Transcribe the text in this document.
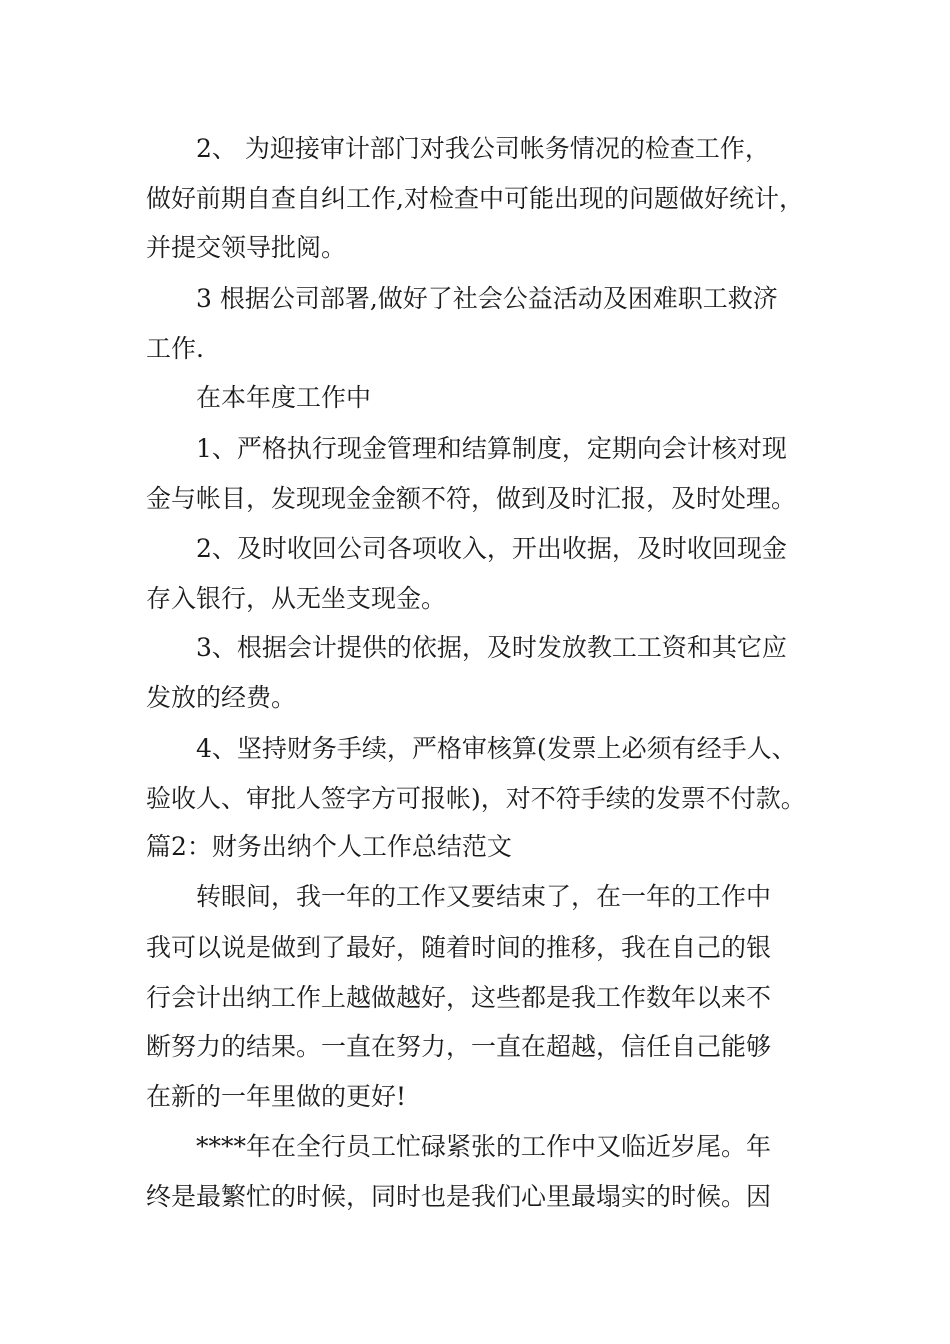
2、 为迎接审计部门对我公司帐务情况的检查工作，
做好前期自查自纠工作,对检查中可能出现的问题做好统计，
并提交领导批阅。
3 根据公司部署,做好了社会公益活动及困难职工救济
工作.
在本年度工作中
1、严格执行现金管理和结算制度，定期向会计核对现
金与帐目，发现现金金额不符，做到及时汇报，及时处理。
2、及时收回公司各项收入，开出收据，及时收回现金
存入银行，从无坐支现金。
3、根据会计提供的依据，及时发放教工工资和其它应
发放的经费。
4、坚持财务手续，严格审核算(发票上必须有经手人、
验收人、审批人签字方可报帐)，对不符手续的发票不付款。
篇2：财务出纳个人工作总结范文
转眼间，我一年的工作又要结束了，在一年的工作中
我可以说是做到了最好，随着时间的推移，我在自己的银
行会计出纳工作上越做越好，这些都是我工作数年以来不
断努力的结果。一直在努力，一直在超越，信任自己能够
在新的一年里做的更好!
****年在全行员工忙碌紧张的工作中又临近岁尾。年
终是最繁忙的时候，同时也是我们心里最塌实的时候。因
